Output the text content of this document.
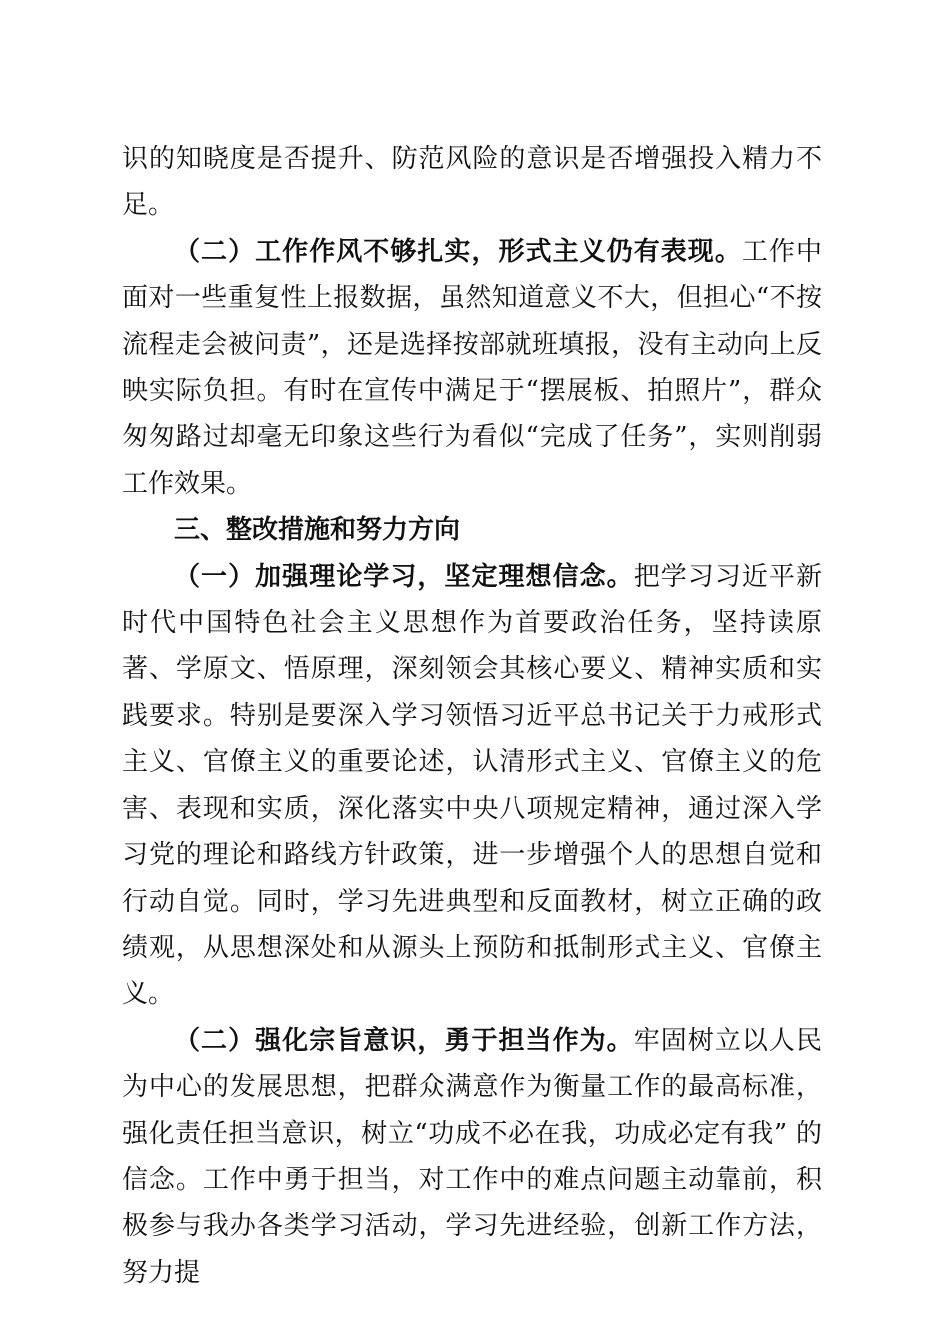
识的知晓度是否提升、防范风险的意识是否增强投入精力不足。

（二）工作作风不够扎实，形式主义仍有表现。工作中面对一些重复性上报数据，虽然知道意义不大，但担心“不按流程走会被问责”，还是选择按部就班填报，没有主动向上反映实际负担。有时在宣传中满足于“摆展板、拍照片”，群众匆匆路过却毫无印象这些行为看似“完成了任务”，实则削弱工作效果。

三、整改措施和努力方向

（一）加强理论学习，坚定理想信念。把学习习近平新时代中国特色社会主义思想作为首要政治任务，坚持读原著、学原文、悟原理，深刻领会其核心要义、精神实质和实践要求。特别是要深入学习领悟习近平总书记关于力戒形式主义、官僚主义的重要论述，认清形式主义、官僚主义的危害、表现和实质，深化落实中央八项规定精神，通过深入学习党的理论和路线方针政策，进一步增强个人的思想自觉和行动自觉。同时，学习先进典型和反面教材，树立正确的政绩观，从思想深处和从源头上预防和抵制形式主义、官僚主义。

（二）强化宗旨意识，勇于担当作为。牢固树立以人民为中心的发展思想，把群众满意作为衡量工作的最高标准，强化责任担当意识，树立“功成不必在我，功成必定有我” 的信念。工作中勇于担当，对工作中的难点问题主动靠前，积极参与我办各类学习活动，学习先进经验，创新工作方法，努力提
